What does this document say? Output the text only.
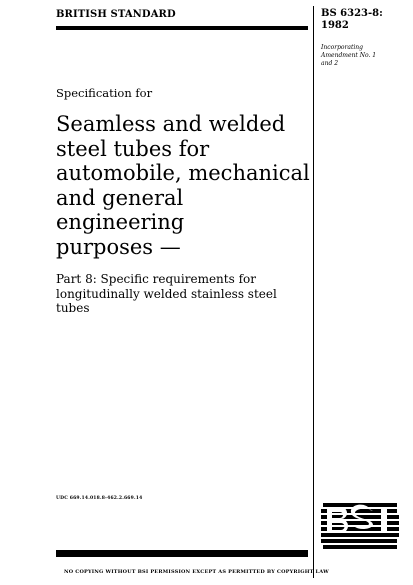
BRITISH STANDARD	BS 6323-8:
1982
Incorporating
Amendment No. 1
and 2
Specification for
Seamless and welded
steel tubes for
automobile, mechanical
and general
engineering
purposes —
Part 8: Specific requirements for
longitudinally welded stainless steel
tubes
UDC 669.14.018.8-462.2.669.14
NO COPYING WITHOUT BSI PERMISSION EXCEPT AS PERMITTED BY COPYRIGHT LAW
